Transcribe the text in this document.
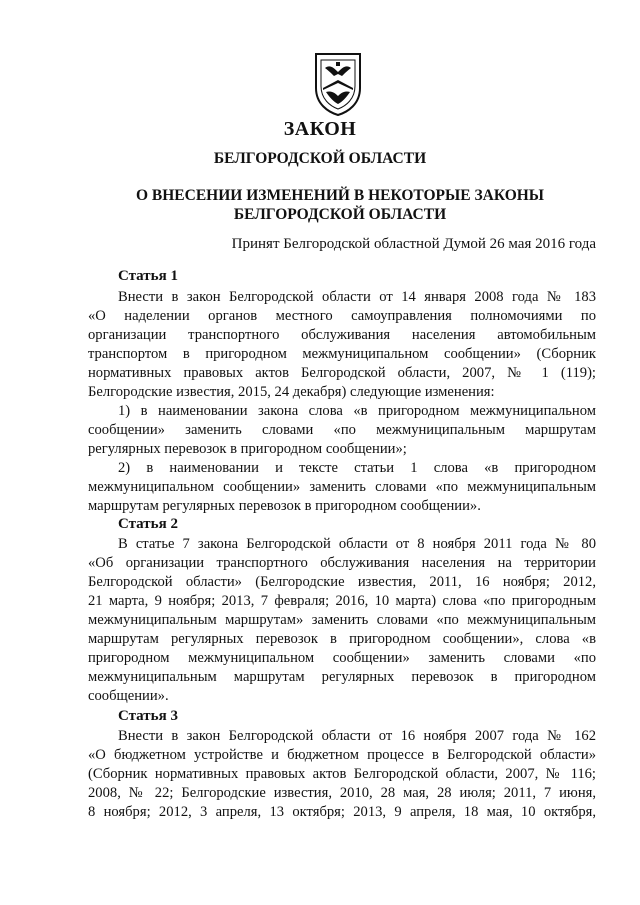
ЗАКОН
БЕЛГОРОДСКОЙ ОБЛАСТИ
О ВНЕСЕНИИ ИЗМЕНЕНИЙ В НЕКОТОРЫЕ ЗАКОНЫ
БЕЛГОРОДСКОЙ ОБЛАСТИ
Принят Белгородской областной Думой 26 мая 2016 года
Статья 1
Внести в закон Белгородской области от 14 января 2008 года № 183
«О наделении органов местного самоуправления полномочиями по
организации транспортного обслуживания населения автомобильным
транспортом в пригородном межмуниципальном сообщении» (Сборник
нормативных правовых актов Белгородской области, 2007, № 1 (119);
Белгородские известия, 2015, 24 декабря) следующие изменения:
1) в наименовании закона слова «в пригородном межмуниципальном
сообщении» заменить словами «по межмуниципальным маршрутам
регулярных перевозок в пригородном сообщении»;
2) в наименовании и тексте статьи 1 слова «в пригородном
межмуниципальном сообщении» заменить словами «по межмуниципальным
маршрутам регулярных перевозок в пригородном сообщении».
Статья 2
В статье 7 закона Белгородской области от 8 ноября 2011 года № 80
«Об организации транспортного обслуживания населения на территории
Белгородской области» (Белгородские известия, 2011, 16 ноября; 2012,
21 марта, 9 ноября; 2013, 7 февраля; 2016, 10 марта) слова «по пригородным
межмуниципальным маршрутам» заменить словами «по межмуниципальным
маршрутам регулярных перевозок в пригородном сообщении», слова «в
пригородном межмуниципальном сообщении» заменить словами «по
межмуниципальным маршрутам регулярных перевозок в пригородном
сообщении».
Статья 3
Внести в закон Белгородской области от 16 ноября 2007 года № 162
«О бюджетном устройстве и бюджетном процессе в Белгородской области»
(Сборник нормативных правовых актов Белгородской области, 2007, № 116;
2008, № 22; Белгородские известия, 2010, 28 мая, 28 июля; 2011, 7 июня,
8 ноября; 2012, 3 апреля, 13 октября; 2013, 9 апреля, 18 мая, 10 октября,
